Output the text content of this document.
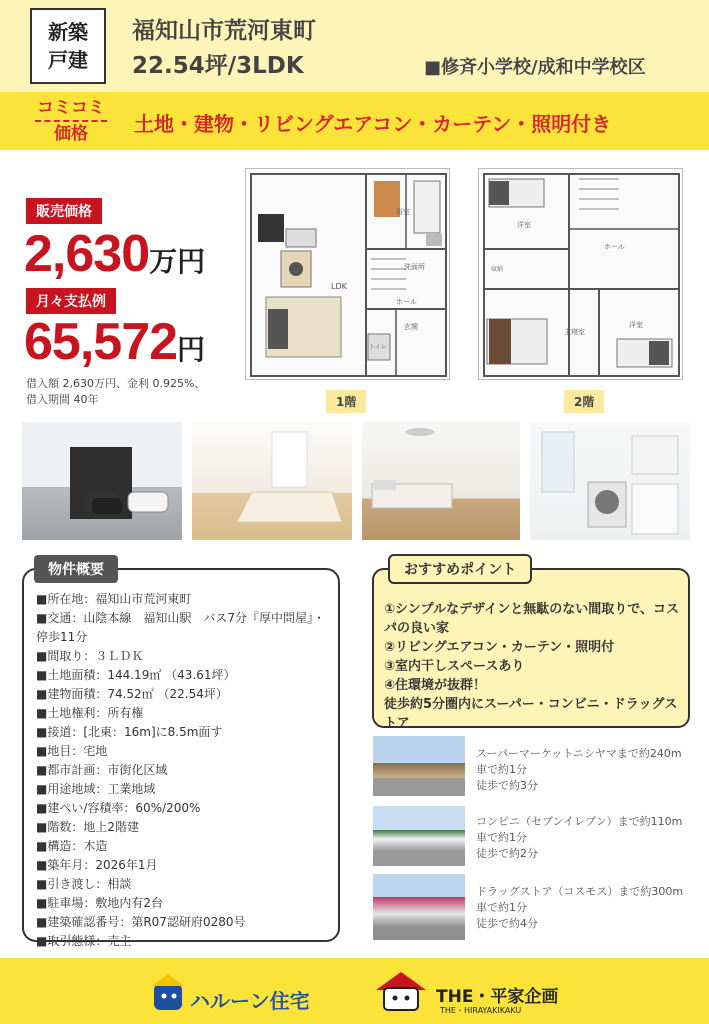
新築
戸建
福知山市荒河東町
22.54坪/3LDK	■修斉小学校/成和中学校区
コミコミ
価格 土地・建物・リビングエアコン・カーテン・照明付き
販売価格
2,630万円
月々支払例
65,572円
借入額 2,630万円、金利 0.925%、
借入期間 40年
浴室
洗面所
LDK
ホール
玄関
トイレ
1階
洋室
ホール
主寝室
洋室
収納
2階
物件概要
■所在地：福知山市荒河東町
■交通：山陰本線　福知山駅　バス7分『厚中問屋』・停歩11分
■間取り：３ＬＤＫ
■土地面積：144.19㎡ （43.61坪）
■建物面積：74.52㎡ （22.54坪）
■土地権利：所有権
■接道：[北東：16m]に8.5m面す
■地目：宅地
■都市計画：市街化区域
■用途地域：工業地域
■建ぺい/容積率：60%/200%
■階数：地上2階建
■構造：木造
■築年月：2026年1月
■引き渡し：相談
■駐車場：敷地内有2台
■建築確認番号：第R07認研府0280号
■取引態様：売主
おすすめポイント
①シンプルなデザインと無駄のない間取りで、コスパの良い家
②リビングエアコン・カーテン・照明付
③室内干しスペースあり
④住環境が抜群！
徒歩約5分圏内にスーパー・コンビニ・ドラッグストア
スーパーマーケットニシヤマまで約240m
車で約1分
徒歩で約3分
コンビニ（セブンイレブン）まで約110m
車で約1分
徒歩で約2分
ドラッグストア（コスモス）まで約300m
車で約1分
徒歩で約4分
ハルーン住宅	THE・平家企画
THE・HIRAYAKIKAKU
